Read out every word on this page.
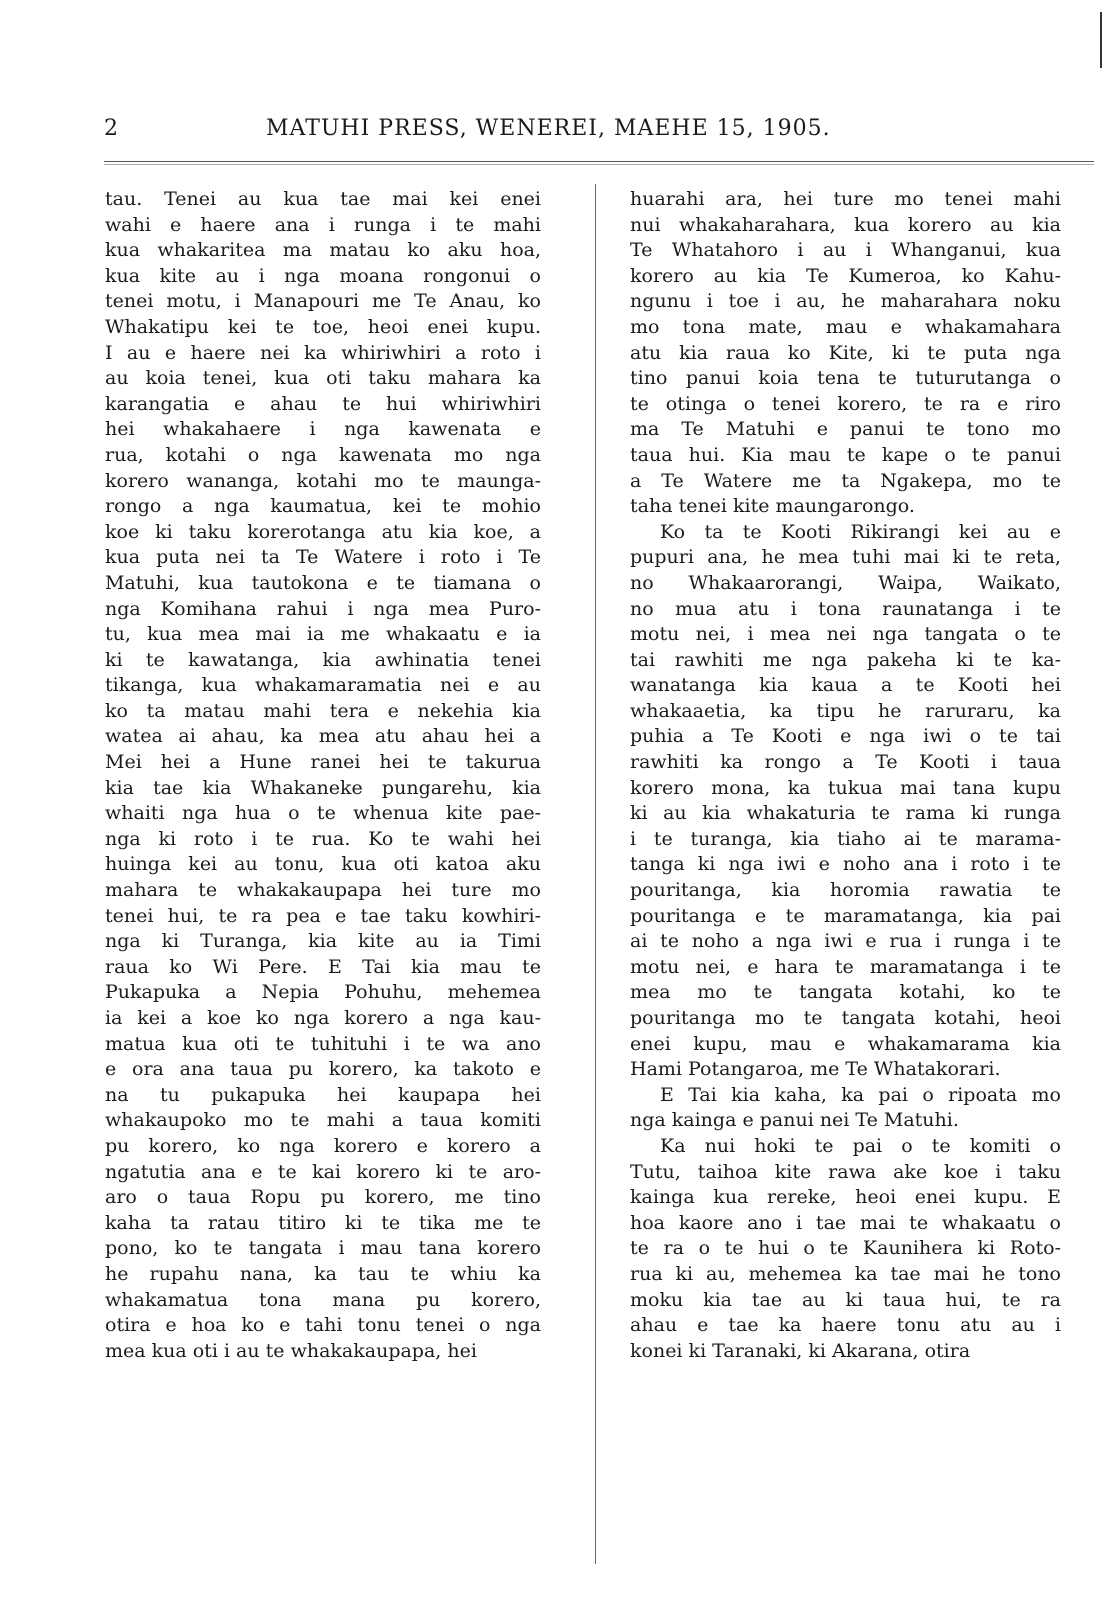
2	MATUHI PRESS, WENEREI, MAEHE 15, 1905.
tau. Tenei au kua tae mai kei enei
wahi e haere ana i runga i te mahi
kua whakaritea ma matau ko aku hoa,
kua kite au i nga moana rongonui o
tenei motu, i Manapouri me Te Anau, ko
Whakatipu kei te toe, heoi enei kupu.
I au e haere nei ka whiriwhiri a roto i
au koia tenei, kua oti taku mahara ka
karangatia e ahau te hui whiriwhiri
hei whakahaere i nga kawenata e
rua, kotahi o nga kawenata mo nga
korero wananga, kotahi mo te maunga-
rongo a nga kaumatua, kei te mohio
koe ki taku korerotanga atu kia koe, a
kua puta nei ta Te Watere i roto i Te
Matuhi, kua tautokona e te tiamana o
nga Komihana rahui i nga mea Puro-
tu, kua mea mai ia me whakaatu e ia
ki te kawatanga, kia awhinatia tenei
tikanga, kua whakamaramatia nei e au
ko ta matau mahi tera e nekehia kia
watea ai ahau, ka mea atu ahau hei a
Mei hei a Hune ranei hei te takurua
kia tae kia Whakaneke pungarehu, kia
whaiti nga hua o te whenua kite pae-
nga ki roto i te rua. Ko te wahi hei
huinga kei au tonu, kua oti katoa aku
mahara te whakakaupapa hei ture mo
tenei hui, te ra pea e tae taku kowhiri-
nga ki Turanga, kia kite au ia Timi
raua ko Wi Pere. E Tai kia mau te
Pukapuka a Nepia Pohuhu, mehemea
ia kei a koe ko nga korero a nga kau-
matua kua oti te tuhituhi i te wa ano
e ora ana taua pu korero, ka takoto e
na tu pukapuka hei kaupapa hei
whakaupoko mo te mahi a taua komiti
pu korero, ko nga korero e korero a
ngatutia ana e te kai korero ki te aro-
aro o taua Ropu pu korero, me tino
kaha ta ratau titiro ki te tika me te
pono, ko te tangata i mau tana korero
he rupahu nana, ka tau te whiu ka
whakamatua tona mana pu korero,
otira e hoa ko e tahi tonu tenei o nga
mea kua oti i au te whakakaupapa, hei
huarahi ara, hei ture mo tenei mahi
nui whakaharahara, kua korero au kia
Te Whatahoro i au i Whanganui, kua
korero au kia Te Kumeroa, ko Kahu-
ngunu i toe i au, he maharahara noku
mo tona mate, mau e whakamahara
atu kia raua ko Kite, ki te puta nga
tino panui koia tena te tuturutanga o
te otinga o tenei korero, te ra e riro
ma Te Matuhi e panui te tono mo
taua hui. Kia mau te kape o te panui
a Te Watere me ta Ngakepa, mo te
taha tenei kite maungarongo.
Ko ta te Kooti Rikirangi kei au e
pupuri ana, he mea tuhi mai ki te reta,
no Whakaarorangi, Waipa, Waikato,
no mua atu i tona raunatanga i te
motu nei, i mea nei nga tangata o te
tai rawhiti me nga pakeha ki te ka-
wanatanga kia kaua a te Kooti hei
whakaaetia, ka tipu he raruraru, ka
puhia a Te Kooti e nga iwi o te tai
rawhiti ka rongo a Te Kooti i taua
korero mona, ka tukua mai tana kupu
ki au kia whakaturia te rama ki runga
i te turanga, kia tiaho ai te marama-
tanga ki nga iwi e noho ana i roto i te
pouritanga, kia horomia rawatia te
pouritanga e te maramatanga, kia pai
ai te noho a nga iwi e rua i runga i te
motu nei, e hara te maramatanga i te
mea mo te tangata kotahi, ko te
pouritanga mo te tangata kotahi, heoi
enei kupu, mau e whakamarama kia
Hami Potangaroa, me Te Whatakorari.
E Tai kia kaha, ka pai o ripoata mo
nga kainga e panui nei Te Matuhi.
Ka nui hoki te pai o te komiti o
Tutu, taihoa kite rawa ake koe i taku
kainga kua rereke, heoi enei kupu. E
hoa kaore ano i tae mai te whakaatu o
te ra o te hui o te Kaunihera ki Roto-
rua ki au, mehemea ka tae mai he tono
moku kia tae au ki taua hui, te ra
ahau e tae ka haere tonu atu au i
konei ki Taranaki, ki Akarana, otira
